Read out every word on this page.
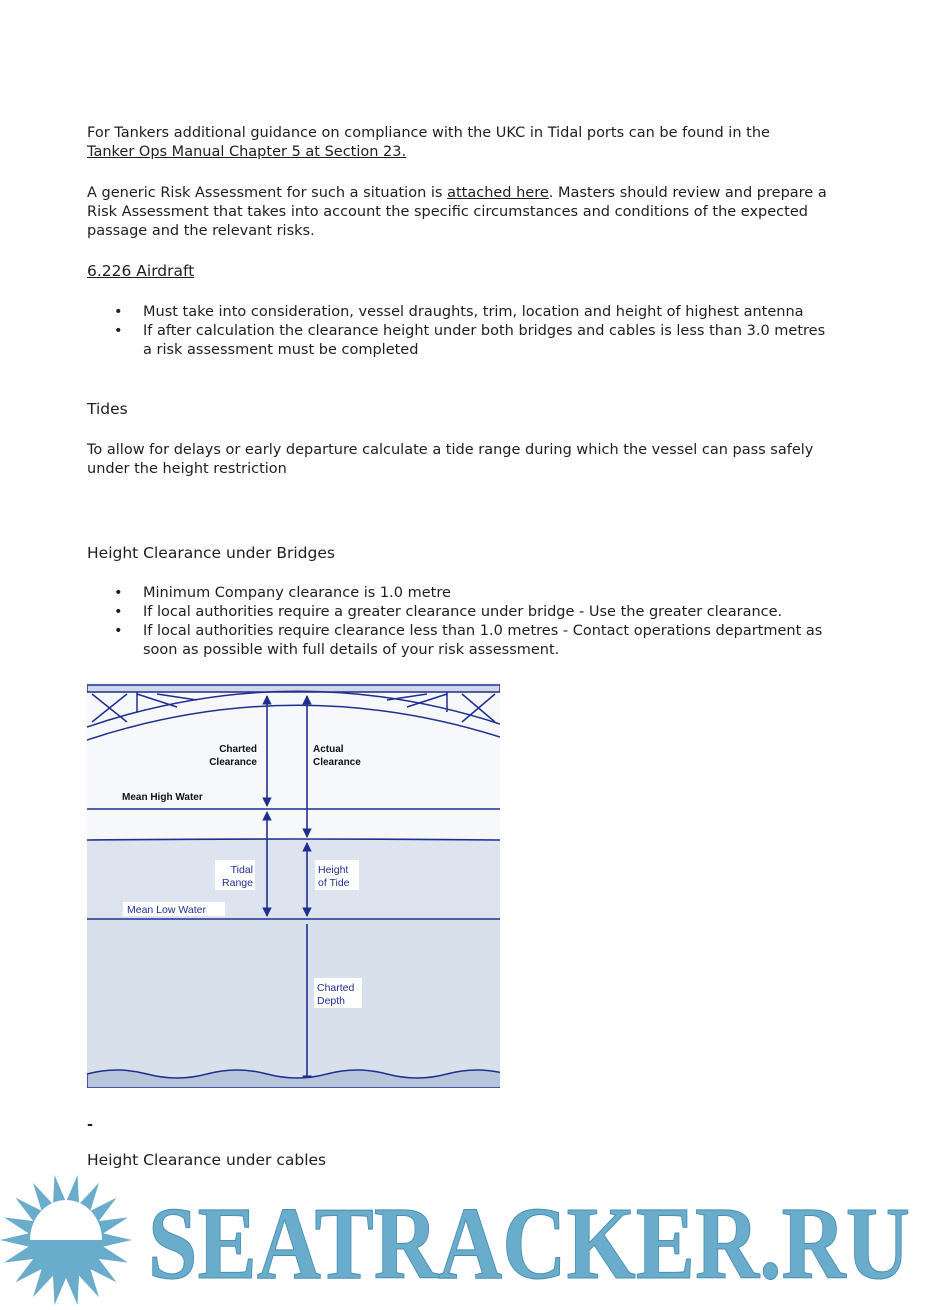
For Tankers additional guidance on compliance with the UKC in Tidal ports can be found in the
Tanker Ops Manual Chapter 5 at Section 23.
A generic Risk Assessment for such a situation is attached here. Masters should review and prepare a Risk Assessment that takes into account the specific circumstances and conditions of the expected passage and the relevant risks.
6.226 Airdraft
• Must take into consideration, vessel draughts, trim, location and height of highest antenna
• If after calculation the clearance height under both bridges and cables is less than 3.0 metres a risk assessment must be completed
Tides
To allow for delays or early departure calculate a tide range during which the vessel can pass safely under the height restriction
Height Clearance under Bridges
• Minimum Company clearance is 1.0 metre
• If local authorities require a greater clearance under bridge - Use the greater clearance.
• If local authorities require clearance less than 1.0 metres - Contact operations department as soon as possible with full details of your risk assessment.
Charted
Clearance
Actual
Clearance
Mean High Water
Tidal
Range
Height
of Tide
Mean Low Water
Charted
Depth
-
Height Clearance under cables
SEATRACKER.RU
